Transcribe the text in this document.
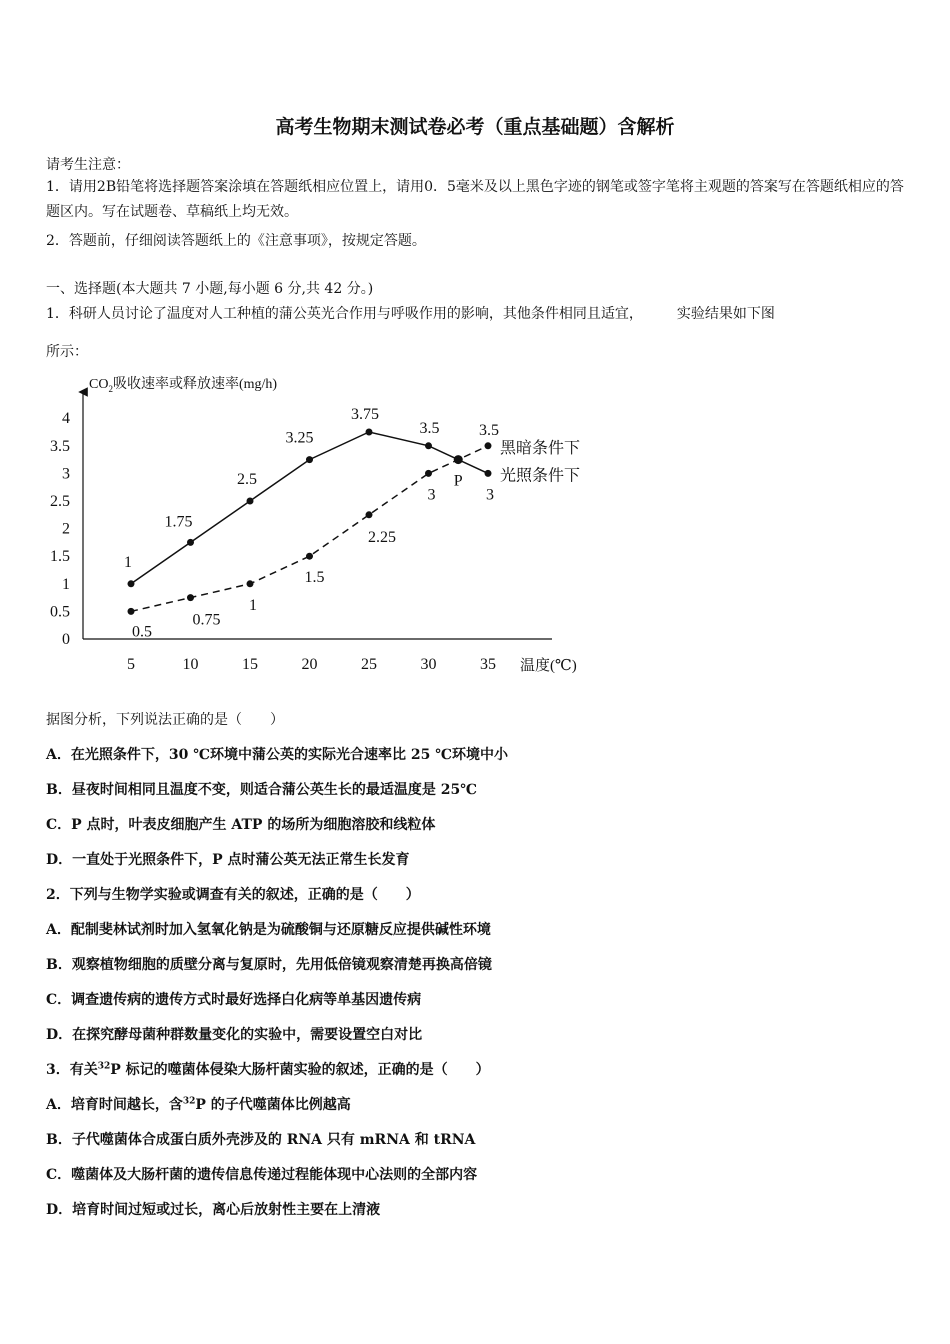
高考生物期末测试卷必考（重点基础题）含解析
请考生注意：
1．请用2B铅笔将选择题答案涂填在答题纸相应位置上，请用0．5毫米及以上黑色字迹的钢笔或签字笔将主观题的答案写在答题纸相应的答题区内。写在试题卷、草稿纸上均无效。
2．答题前，仔细阅读答题纸上的《注意事项》，按规定答题。
一、选择题(本大题共 7 小题,每小题 6 分,共 42 分。)
1．科研人员讨论了温度对人工种植的蒲公英光合作用与呼吸作用的影响，其他条件相同且适宜， 实验结果如下图
所示：
0
0.5
1
1.5
2
2.5
3
3.5
4
5	10	15	20	25	30	35
1
1.75
2.5
3.25
3.75
3.5
3
0.5
0.75
1
1.5
2.25
3
3.5
P
黑暗条件下
光照条件下
$CO_2$吸收速率或释放速率(mg/h)
温度(℃)
据图分析，下列说法正确的是（　　）
A．在光照条件下，30 ℃环境中蒲公英的实际光合速率比 25 ℃环境中小
B．昼夜时间相同且温度不变，则适合蒲公英生长的最适温度是 25℃
C．P 点时，叶表皮细胞产生 ATP 的场所为细胞溶胶和线粒体
D．一直处于光照条件下，P 点时蒲公英无法正常生长发育
2．下列与生物学实验或调查有关的叙述，正确的是（　　）
A．配制斐林试剂时加入氢氧化钠是为硫酸铜与还原糖反应提供碱性环境
B．观察植物细胞的质壁分离与复原时，先用低倍镜观察清楚再换高倍镜
C．调查遗传病的遗传方式时最好选择白化病等单基因遗传病
D．在探究酵母菌种群数量变化的实验中，需要设置空白对比
3．有关$^{32}$P 标记的噬菌体侵染大肠杆菌实验的叙述，正确的是（　　）
A．培育时间越长，含$^{32}$P 的子代噬菌体比例越高
B．子代噬菌体合成蛋白质外壳涉及的 RNA 只有 mRNA 和 tRNA
C．噬菌体及大肠杆菌的遗传信息传递过程能体现中心法则的全部内容
D．培育时间过短或过长，离心后放射性主要在上清液
